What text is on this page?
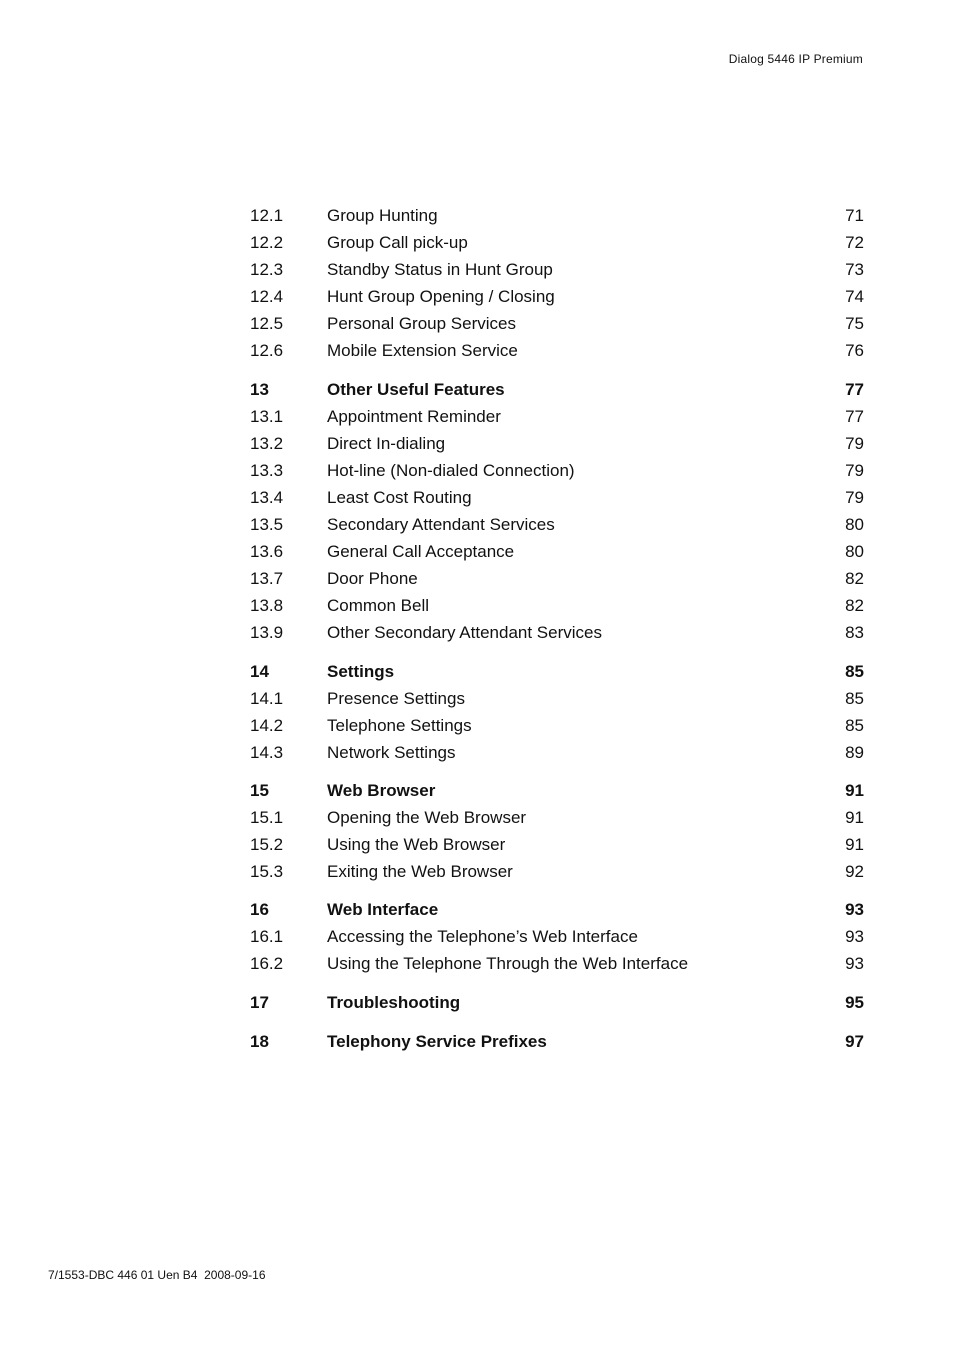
Dialog 5446 IP Premium
12.1	Group Hunting	71
12.2	Group Call pick-up	72
12.3	Standby Status in Hunt Group	73
12.4	Hunt Group Opening / Closing	74
12.5	Personal Group Services	75
12.6	Mobile Extension Service	76
13	Other Useful Features	77
13.1	Appointment Reminder	77
13.2	Direct In-dialing	79
13.3	Hot-line (Non-dialed Connection)	79
13.4	Least Cost Routing	79
13.5	Secondary Attendant Services	80
13.6	General Call Acceptance	80
13.7	Door Phone	82
13.8	Common Bell	82
13.9	Other Secondary Attendant Services	83
14	Settings	85
14.1	Presence Settings	85
14.2	Telephone Settings	85
14.3	Network Settings	89
15	Web Browser	91
15.1	Opening the Web Browser	91
15.2	Using the Web Browser	91
15.3	Exiting the Web Browser	92
16	Web Interface	93
16.1	Accessing the Telephone’s Web Interface	93
16.2	Using the Telephone Through the Web Interface	93
17	Troubleshooting	95
18	Telephony Service Prefixes	97
7/1553-DBC 446 01 Uen B4 2008-09-16
